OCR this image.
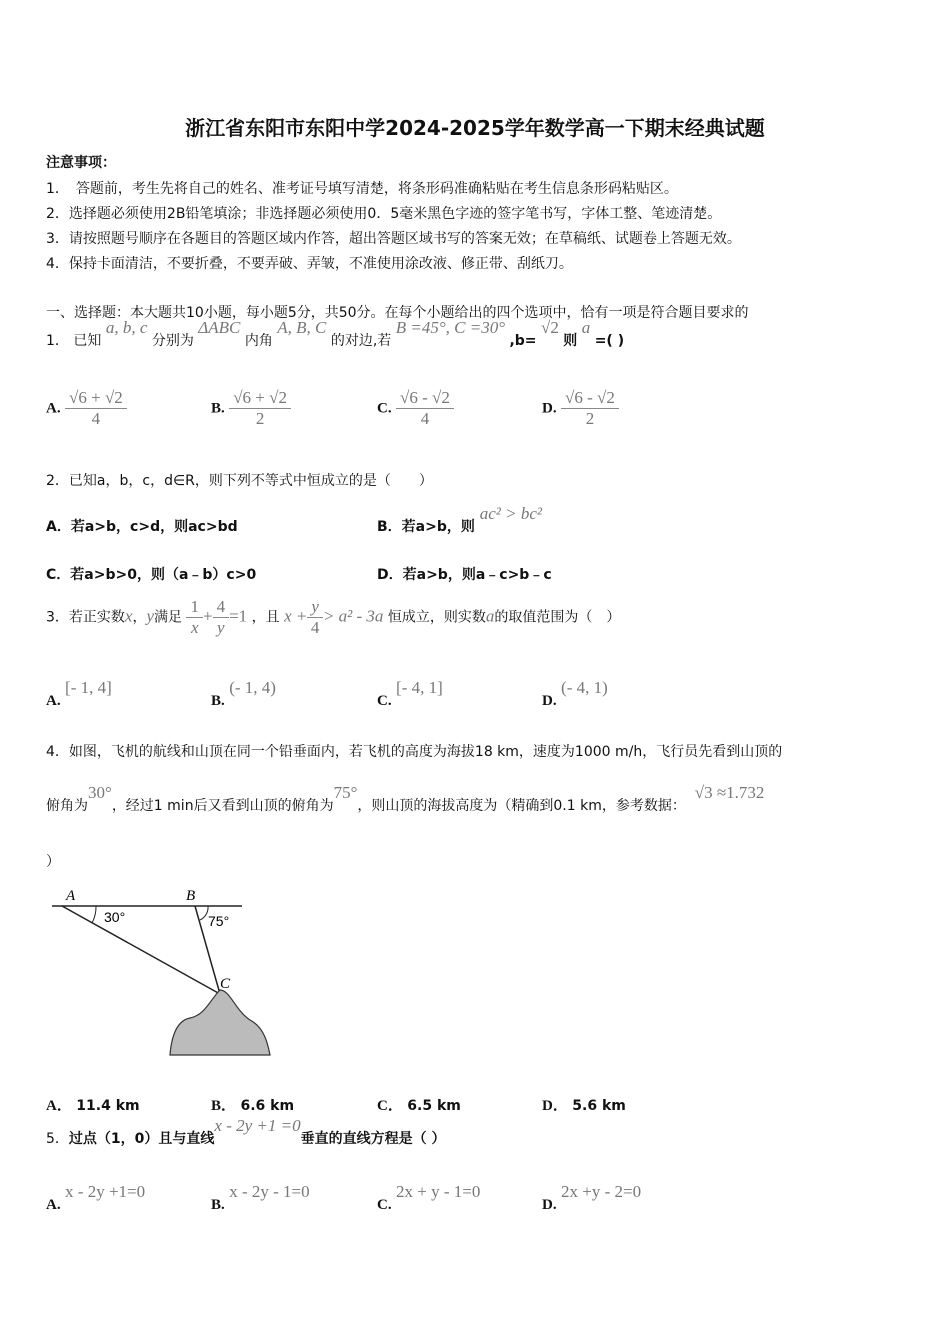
浙江省东阳市东阳中学2024-2025学年数学高一下期末经典试题
注意事项：
1．　答题前，考生先将自己的姓名、准考证号填写清楚，将条形码准确粘贴在考生信息条形码粘贴区。
2．选择题必须使用2B铅笔填涂；非选择题必须使用0．5毫米黑色字迹的签字笔书写，字体工整、笔迹清楚。
3．请按照题号顺序在各题目的答题区域内作答，超出答题区域书写的答案无效；在草稿纸、试题卷上答题无效。
4．保持卡面清洁，不要折叠，不要弄破、弄皱，不准使用涂改液、修正带、刮纸刀。
一、选择题：本大题共10小题，每小题5分，共50分。在每个小题给出的四个选项中，恰有一项是符合题目要求的
1． 已知 a, b, c 分别为 ΔABC 内角 A, B, C 的对边,若 B =45°, C =30° ,b= √2 则 a =( )
A. $\frac{√6 + √2}{4}$	B. $\frac{√6 + √2}{2}$	C. $\frac{√6 - √2}{4}$	D. $\frac{√6 - √2}{2}$
2．已知a，b，c，d∈R，则下列不等式中恒成立的是（　　）
A．若a>b，c>d，则ac>bd	B．若a>b，则 ac² > bc²
C．若a>b>0，则（a﹣b）c>0	D．若a>b，则a﹣c>b﹣c
3．若正实数x，y满足 $\frac{1}{x} + \frac{4}{y} =1$ ，且 $x + \frac{y}{4} > a^2 - 3a$ 恒成立，则实数a的取值范围为（　）
A. [- 1, 4]
B. (- 1, 4)
C. [- 4, 1]
D. (- 4, 1)
4．如图，飞机的航线和山顶在同一个铅垂面内，若飞机的高度为海拔18 km，速度为1000 m/h，飞行员先看到山顶的
俯角为30°，经过1 min后又看到山顶的俯角为75°，则山顶的海拔高度为（精确到0.1 km，参考数据：  √3 ≈1.732
）
A	B
C
30°	75°
A． 11.4 km	B． 6.6 km	C． 6.5 km	D． 5.6 km
5．过点（1，0）且与直线x - 2y +1 =0垂直的直线方程是（ ）
A. x - 2y +1=0
B. x - 2y - 1=0
C. 2x + y - 1=0
D. 2x +y - 2=0
